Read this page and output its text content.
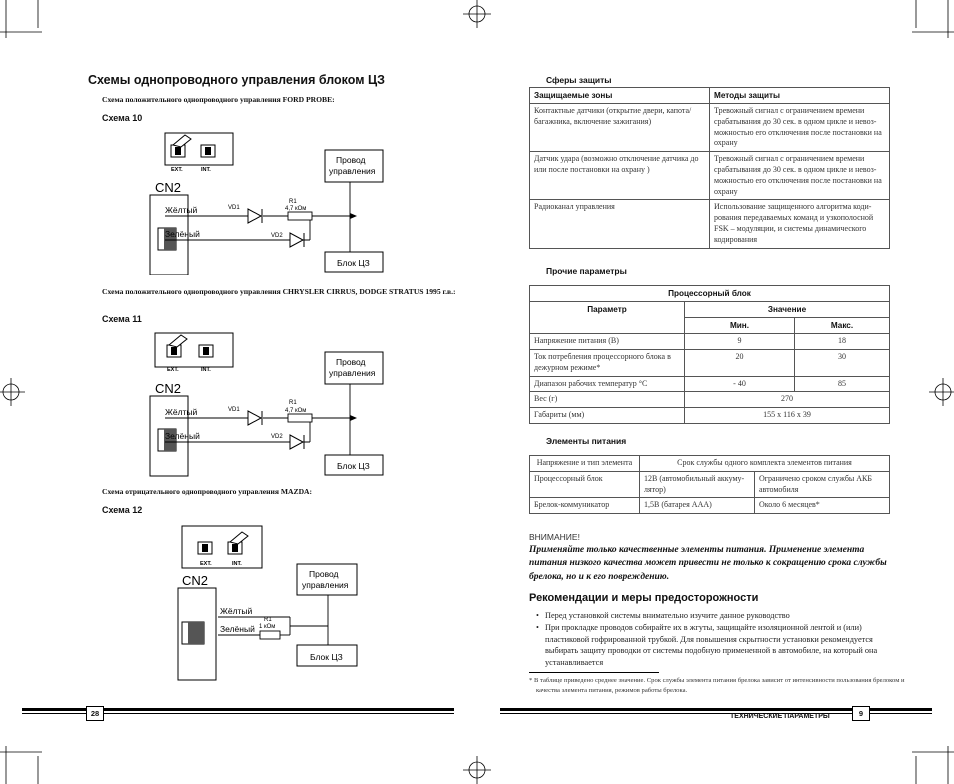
Схемы однопроводного управления блоком ЦЗ
Схема положительного однопроводного управления FORD PROBE:
Схема 10
EXT.	INT.
CN2
Жёлтый
Зелёный
VD1
VD2
R1
4,7 кОм
Провод
управления
Блок ЦЗ
Схема положительного однопроводного управления CHRYSLER CIRRUS, DODGE STRATUS 1995 г.в.:
Схема 11
EXT.	INT.
CN2
Жёлтый
Зелёный
VD1
VD2
R1
4,7 кОм
Провод
управления
Блок ЦЗ
Схема отрицательного однопроводного управления MAZDA:
Схема 12
EXT.	INT.
CN2
Жёлтый
Зелёный
R1
1 кОм
Провод
управления
Блок ЦЗ
28
Сферы защиты
Защищаемые зоны	Методы защиты
Контактные датчики (открытие двери, капота/багажника, включение зажигания)	Тревожный сигнал с ограничением времени срабатывания до 30 сек. в одном цикле и невоз-можностью его отключения после постановки на охрану
Датчик удара (возможно отключение датчика до или после постановки на охрану )	Тревожный сигнал с ограничением времени срабатывания до 30 сек. в одном цикле и невоз-можностью его отключения после постановки на охрану
Радиоканал управления	Использование защищенного алгоритма коди-рования передаваемых команд и узкополосной FSK – модуляции, и системы динамического кодирования
Прочие параметры
Процессорный блок		
Параметр	Значение	
	Мин.	Макс.
Напряжение питания (В)	9	18
Ток потребления процессорного блока в дежурном режиме*	20	30
Диапазон рабочих температур °С	- 40	85
Вес (г)	270	
Габариты (мм)	155 х 116 х 39	
Элементы питания
Напряжение и тип элемента	Срок службы одного комплекта элементов питания	
Процессорный блок	12В (автомобильный аккуму-лятор)	Ограничено сроком службы АКБ автомобиля
Брелок-коммуникатор	1,5В (батарея ААА)	Около 6 месяцев*
ВНИМАНИЕ!
Применяйте только качественные элементы питания. Применение элемента питания низкого качества может привести не только к сокращению срока службы брелока, но и к его повреждению.
Рекомендации и меры предосторожности
• Перед установкой системы внимательно изучите данное руководство
• При прокладке проводов собирайте их в жгуты, защищайте изоляционной лентой и (или) пластиковой гофрированной трубкой. Для повышения скрытности установки рекомендуется выбирать защиту проводки от системы подобную примененной в автомобиле, на который она устанавливается
* В таблице приведено среднее значение. Срок службы элемента питания брелока зависит от интенсивности пользования брелоком и качества элемента питания, режимов работы брелока.
ТЕХНИЧЕСКИЕ ПАРАМЕТРЫ	9
